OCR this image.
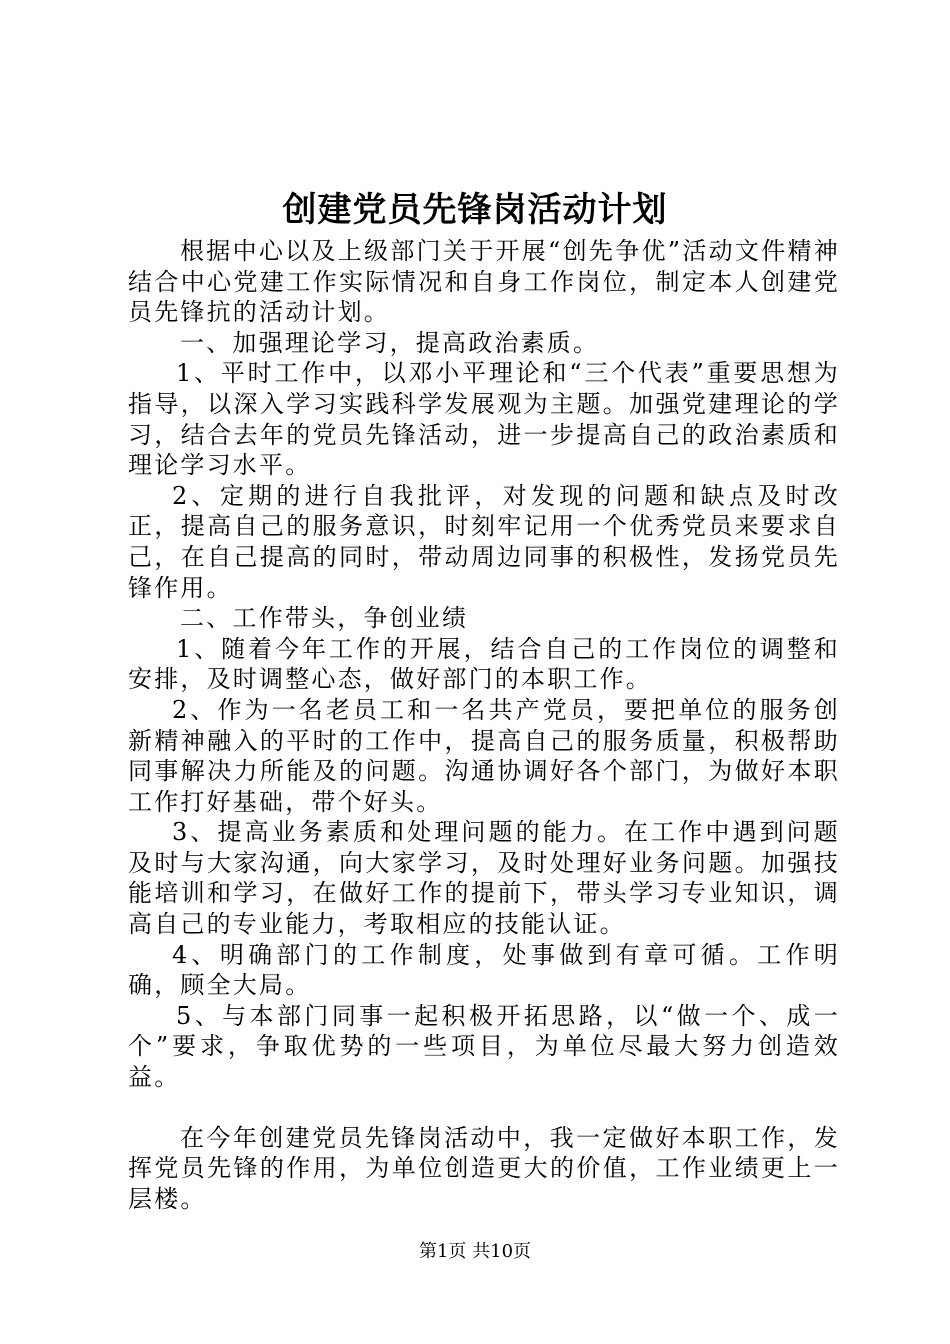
创建党员先锋岗活动计划

根据中心以及上级部门关于开展“创先争优”活动文件精神结合中心党建工作实际情况和自身工作岗位，制定本人创建党员先锋抗的活动计划。

一、加强理论学习，提高政治素质。

1、平时工作中，以邓小平理论和“三个代表”重要思想为指导，以深入学习实践科学发展观为主题。加强党建理论的学习，结合去年的党员先锋活动，进一步提高自己的政治素质和理论学习水平。

2、定期的进行自我批评，对发现的问题和缺点及时改正，提高自己的服务意识，时刻牢记用一个优秀党员来要求自己，在自己提高的同时，带动周边同事的积极性，发扬党员先锋作用。

二、工作带头，争创业绩

1、随着今年工作的开展，结合自己的工作岗位的调整和安排，及时调整心态，做好部门的本职工作。

2、作为一名老员工和一名共产党员，要把单位的服务创新精神融入的平时的工作中，提高自己的服务质量，积极帮助同事解决力所能及的问题。沟通协调好各个部门，为做好本职工作打好基础，带个好头。

3、提高业务素质和处理问题的能力。在工作中遇到问题及时与大家沟通，向大家学习，及时处理好业务问题。加强技能培训和学习，在做好工作的提前下，带头学习专业知识，调高自己的专业能力，考取相应的技能认证。

4、明确部门的工作制度，处事做到有章可循。工作明确，顾全大局。

5、与本部门同事一起积极开拓思路，以“做一个、成一个”要求，争取优势的一些项目，为单位尽最大努力创造效益。

在今年创建党员先锋岗活动中，我一定做好本职工作，发挥党员先锋的作用，为单位创造更大的价值，工作业绩更上一层楼。

第1页 共10页
